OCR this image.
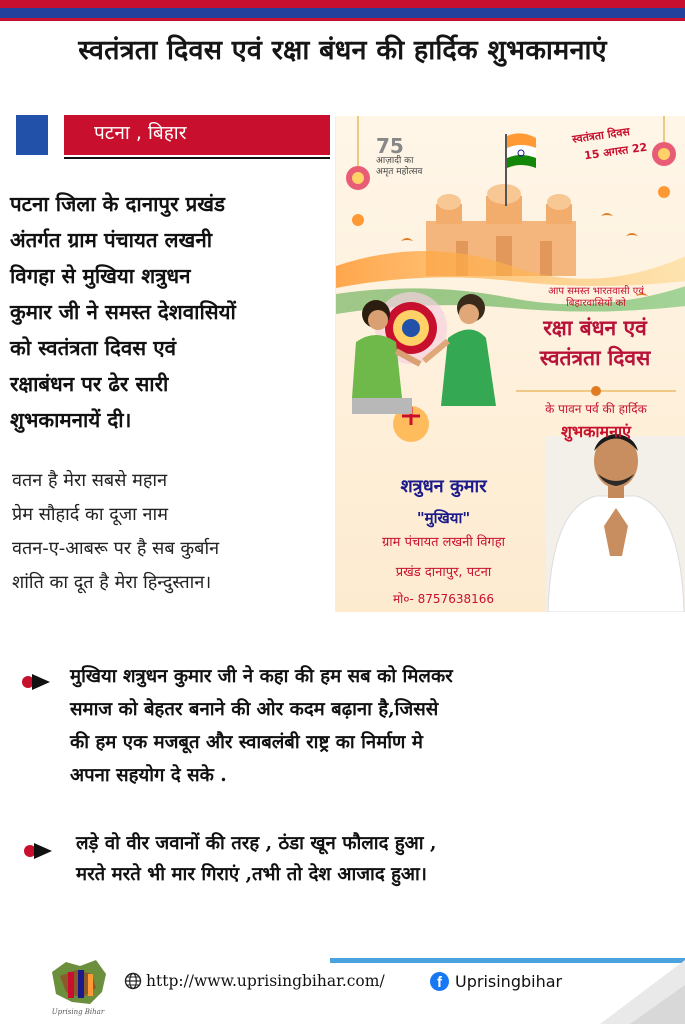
स्वतंत्रता दिवस एवं रक्षा बंधन की हार्दिक शुभकामनाएं
पटना , बिहार
पटना जिला के दानापुर प्रखंड
अंतर्गत ग्राम पंचायत लखनी
विगहा से मुखिया शत्रुधन
कुमार जी ने समस्त देशवासियों
को स्वतंत्रता दिवस एवं
रक्षाबंधन पर ढेर सारी
शुभकामनायें दी।
वतन है मेरा सबसे महान
प्रेम सौहार्द का दूजा नाम
वतन-ए-आबरू पर है सब कुर्बान
शांति का दूत है मेरा हिन्दुस्तान।
75
आज़ादी का
अमृत महोत्सव
स्वतंत्रता दिवस
15 अगस्त 22
आप समस्त भारतवासी एवं
बिहारवासियों को
रक्षा बंधन एवं
स्वतंत्रता दिवस
के पावन पर्व की हार्दिक
शुभकामनाएं
शत्रुधन कुमार
"मुखिया"
ग्राम पंचायत लखनी विगहा
प्रखंड दानापुर, पटना
मो०- 8757638166
मुखिया शत्रुधन कुमार जी ने कहा की हम सब को मिलकर
समाज को बेहतर बनाने की ओर कदम बढ़ाना है,जिससे
की हम एक मजबूत और स्वाबलंबी राष्ट्र का निर्माण मे
अपना सहयोग दे सके .
लड़े वो वीर जवानों की तरह , ठंडा खून फौलाद हुआ ,
मरते मरते भी मार गिराएं ,तभी तो देश आजाद हुआ।
Uprising Bihar
http://www.uprisingbihar.com/	f Uprisingbihar
